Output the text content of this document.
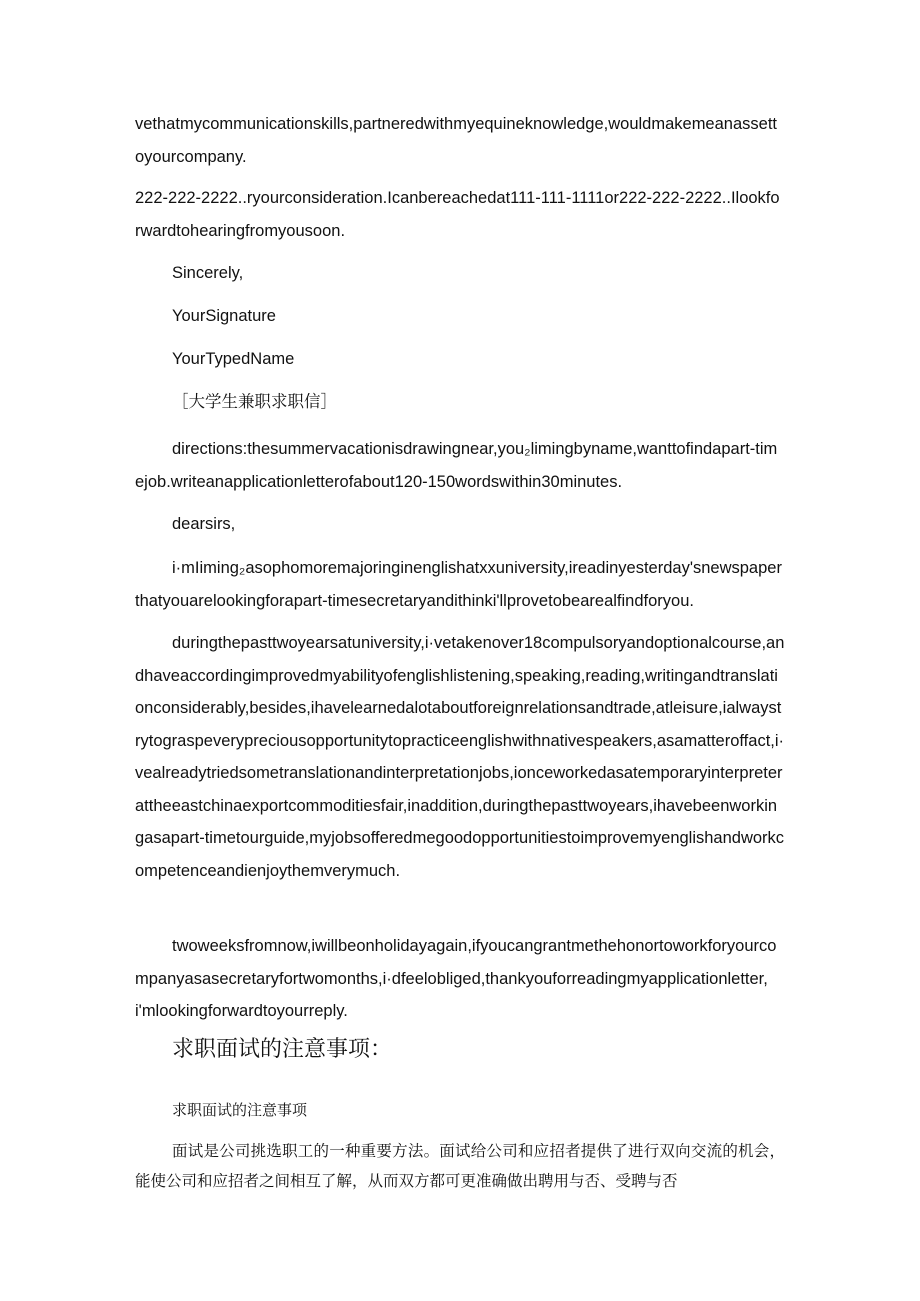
vethatmycommunicationskills,partneredwithmyequineknowledge,wouldmakemeanassettoyourcompany.

222-222-2222..ryourconsideration.Icanbereachedat111-111-1111or222-222-2222..Ilookforwardtohearingfromyousoon.

Sincerely,

YourSignature

YourTypedName

［大学生兼职求职信］

directions:thesummervacationisdrawingnear,you₂limingbyname,wanttofindapart-timejob.writeanapplicationletterofabout120-150wordswithin30minutes.

dearsirs,

i·mIiming₂asophomoremajoringinenglishatxxuniversity,ireadinyesterday'snewspaperthatyouarelookingforapart-timesecretaryandithinki'llprovetobearealfindforyou.

duringthepasttwoyearsatuniversity,i·vetakenover18compulsoryandoptionalcourse,andhaveaccordingimprovedmyabilityofenglishlistening,speaking,reading,writingandtranslationconsiderably,besides,ihavelearnedalotaboutforeignrelationsandtrade,atleisure,ialwaystrytograspeverypreciousopportunitytopracticeenglishwithnativespeakers,asamatteroffact,i·vealreadytriedsometranslationandinterpretationjobs,ionceworkedasatemporaryinterpreterattheeastchinaexportcommoditiesfair,inaddition,duringthepasttwoyears,ihavebeenworkingasapart-timetourguide,myjobsofferedmegoodopportunitiestoimprovemyenglishandworkcompetenceandienjoythemverymuch.

twoweeksfromnow,iwillbeonholidayagain,ifyoucangrantmethehonortoworkforyourcompanyasasecretaryfortwomonths,i·dfeelobliged,thankyouforreadingmyapplicationletter,i'mlookingforwardtoyourreply.

求职面试的注意事项：
求职面试的注意事项

面试是公司挑选职工的一种重要方法。面试给公司和应招者提供了进行双向交流的机会，能使公司和应招者之间相互了解，从而双方都可更准确做出聘用与否、受聘与否
